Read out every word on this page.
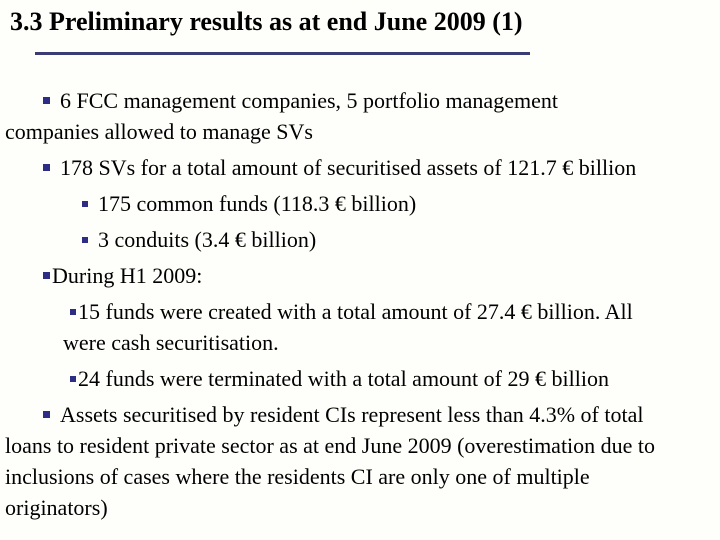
3.3 Preliminary results as at end June 2009 (1)

6 FCC management companies, 5 portfolio management companies allowed to manage SVs

178 SVs for a total amount of securitised assets of 121.7 € billion

175 common funds (118.3 € billion)

3 conduits (3.4 € billion)

During H1 2009:

15 funds were created with a total amount of 27.4 € billion. All were cash securitisation.

24 funds were terminated with a total amount of 29 € billion

Assets securitised by resident CIs represent less than 4.3% of total loans to resident private sector as at end June 2009 (overestimation due to inclusions of cases where the residents CI are only one of multiple originators)
